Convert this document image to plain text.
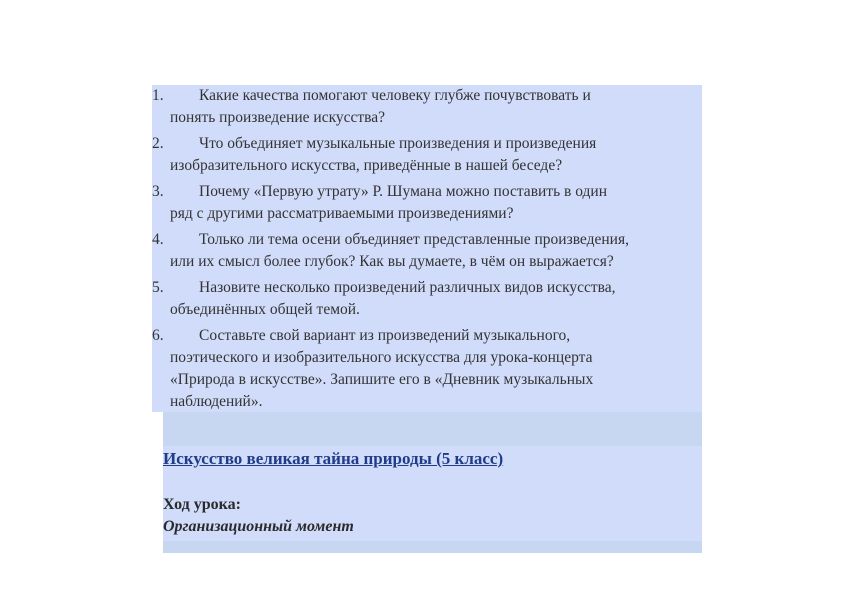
1.	Какие качества помогают человеку глубже почувствовать и
понять произведение искусства?
2.	Что объединяет музыкальные произведения и произведения
изобразительного искусства, приведённые в нашей беседе?
3.	Почему «Первую утрату» Р. Шумана можно поставить в один
ряд с другими рассматриваемыми произведениями?
4.	Только ли тема осени объединяет представленные произведения,
или их смысл более глубок? Как вы думаете, в чём он выражается?
5.	Назовите несколько произведений различных видов искусства,
объединённых общей темой.
6.	Составьте свой вариант из произведений музыкального,
поэтического и изобразительного искусства для урока-концерта
«Природа в искусстве». Запишите его в «Дневник музыкальных
наблюдений».
Искусство великая тайна природы (5 класс)
Ход урока:
Организационный момент
